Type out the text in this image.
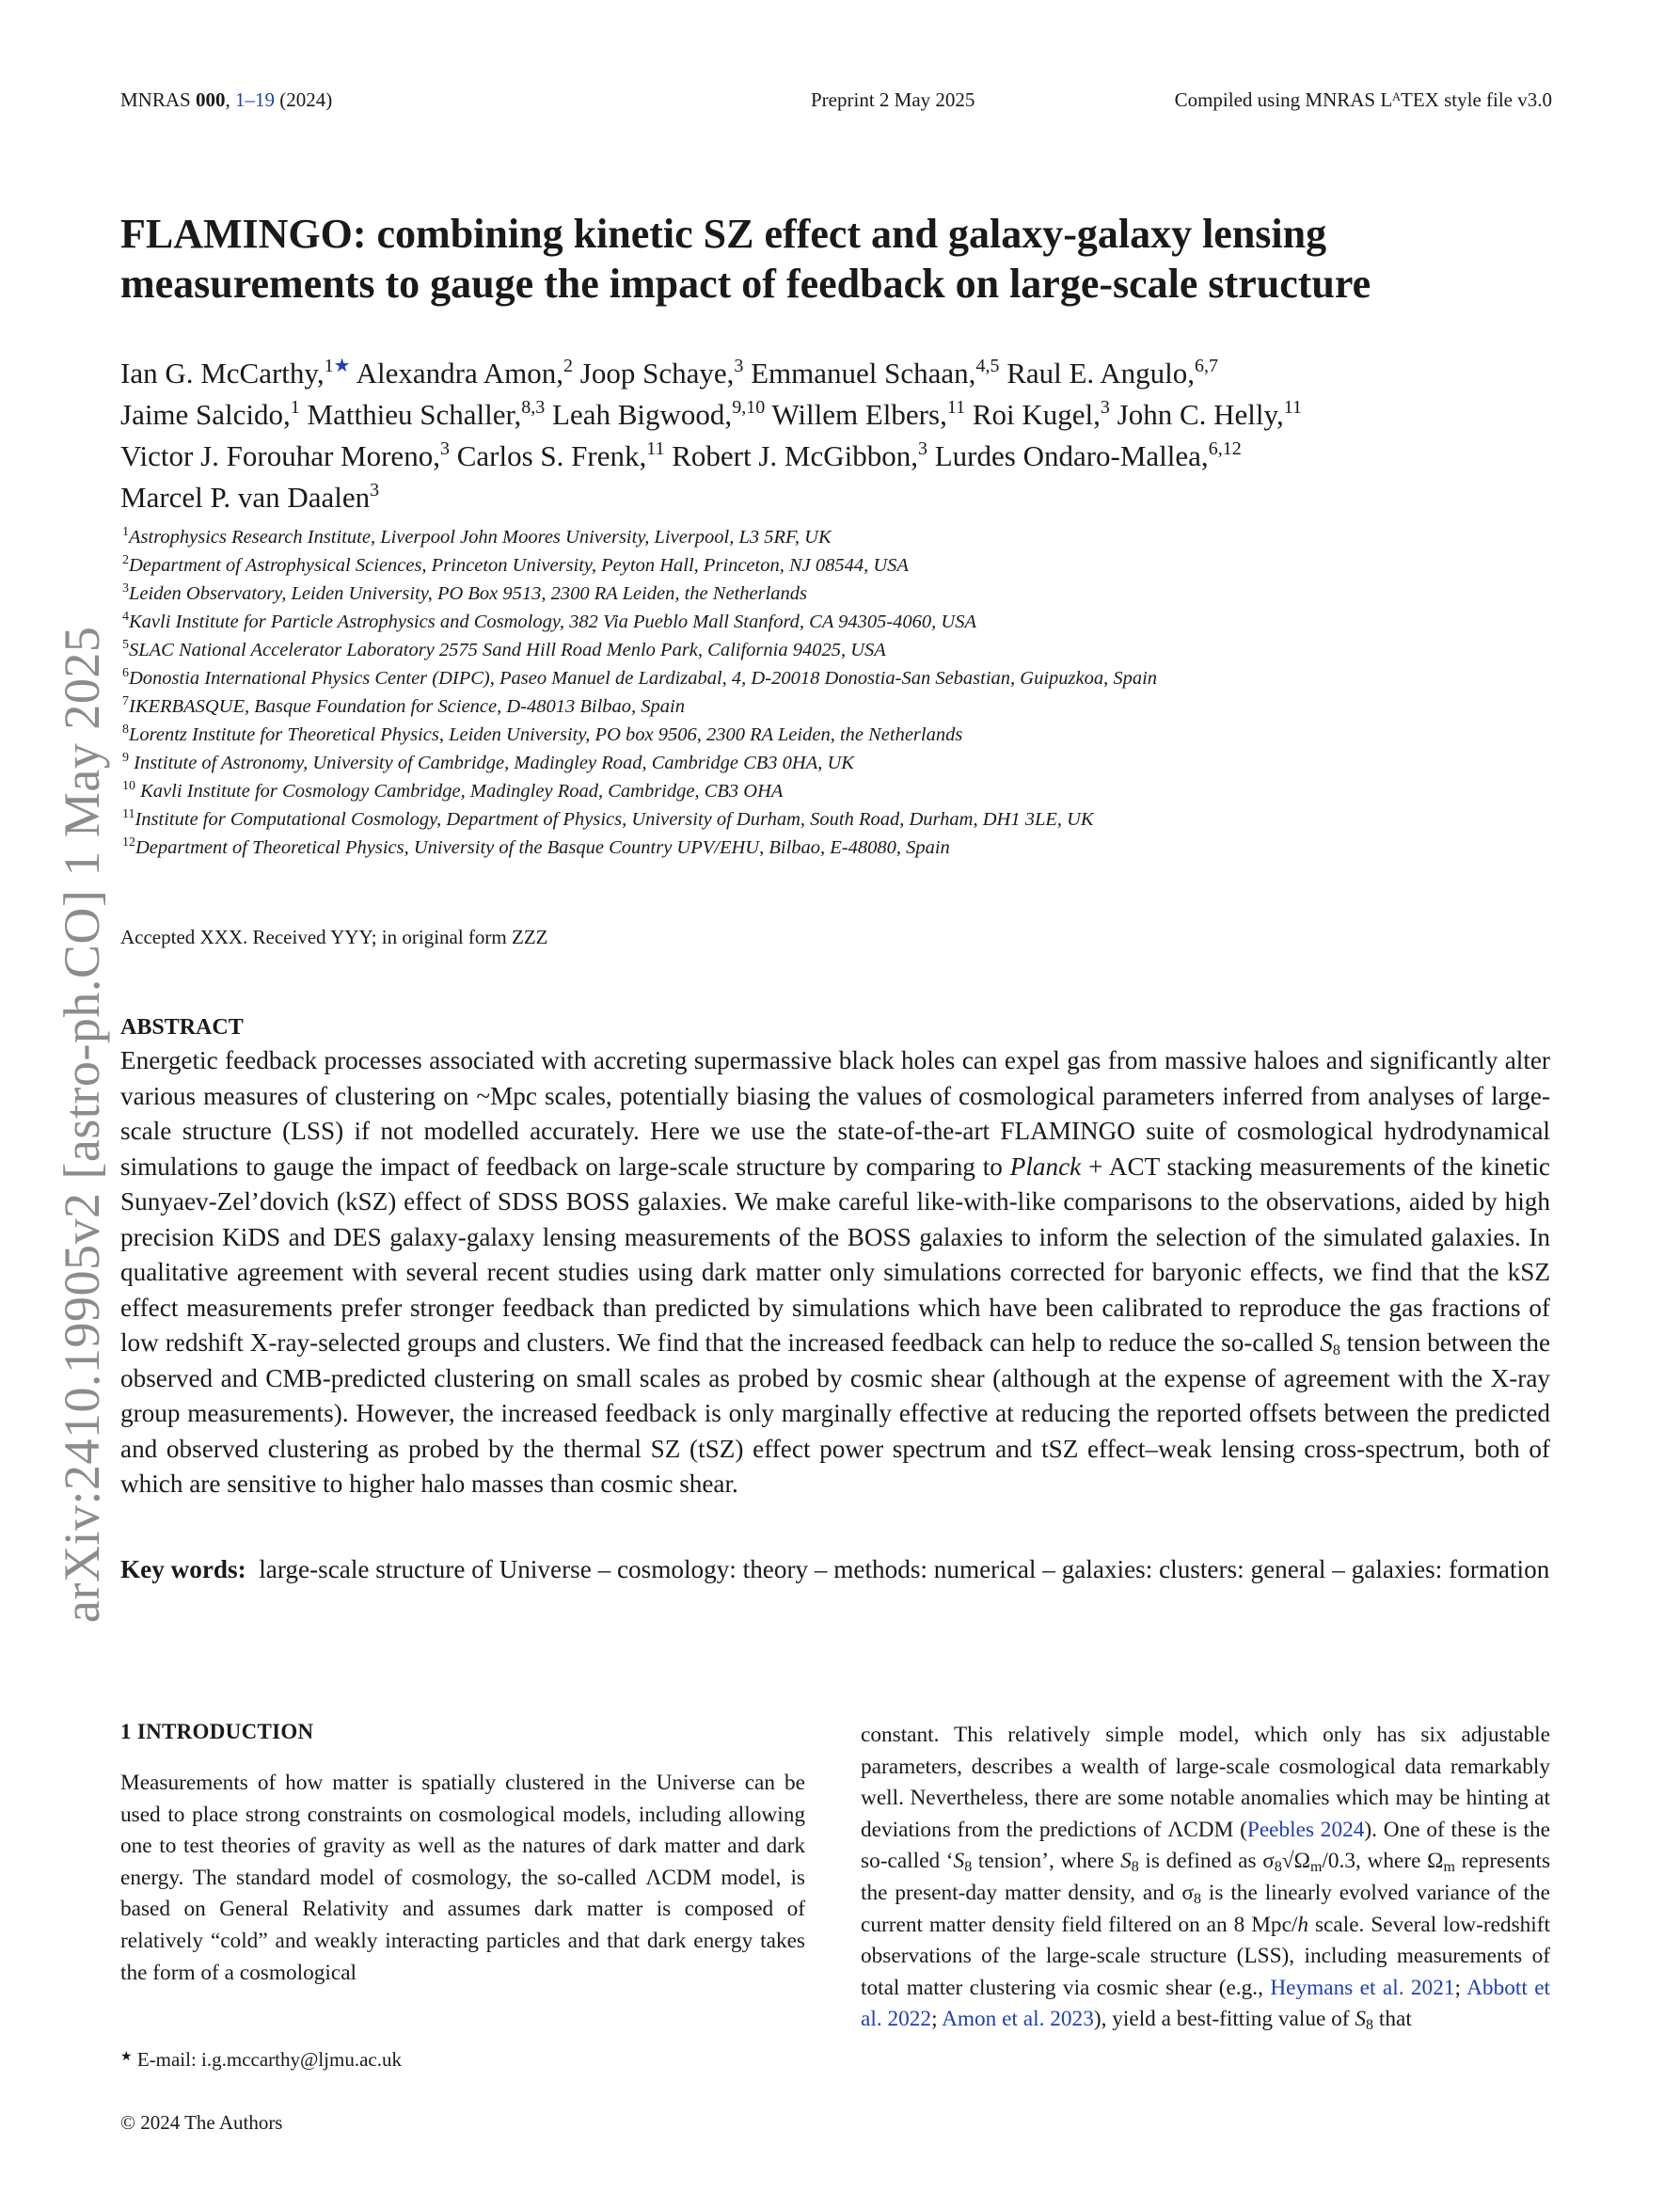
MNRAS 000, 1–19 (2024)	Preprint 2 May 2025	Compiled using MNRAS LᴬTEX style file v3.0
arXiv:2410.19905v2 [astro-ph.CO] 1 May 2025
FLAMINGO: combining kinetic SZ effect and galaxy-galaxy lensing measurements to gauge the impact of feedback on large-scale structure
Ian G. McCarthy,$^{1★}$ Alexandra Amon,$^2$ Joop Schaye,$^3$ Emmanuel Schaan,$^{4,5}$ Raul E. Angulo,$^{6,7}$
Jaime Salcido,$^1$ Matthieu Schaller,$^{8,3}$ Leah Bigwood,$^{9,10}$ Willem Elbers,$^{11}$ Roi Kugel,$^3$ John C. Helly,$^{11}$
Victor J. Forouhar Moreno,$^3$ Carlos S. Frenk,$^{11}$ Robert J. McGibbon,$^3$ Lurdes Ondaro-Mallea,$^{6,12}$
Marcel P. van Daalen$^3$
$^1$Astrophysics Research Institute, Liverpool John Moores University, Liverpool, L3 5RF, UK
$^2$Department of Astrophysical Sciences, Princeton University, Peyton Hall, Princeton, NJ 08544, USA
$^3$Leiden Observatory, Leiden University, PO Box 9513, 2300 RA Leiden, the Netherlands
$^4$Kavli Institute for Particle Astrophysics and Cosmology, 382 Via Pueblo Mall Stanford, CA 94305-4060, USA
$^5$SLAC National Accelerator Laboratory 2575 Sand Hill Road Menlo Park, California 94025, USA
$^6$Donostia International Physics Center (DIPC), Paseo Manuel de Lardizabal, 4, D-20018 Donostia-San Sebastian, Guipuzkoa, Spain
$^7$IKERBASQUE, Basque Foundation for Science, D-48013 Bilbao, Spain
$^8$Lorentz Institute for Theoretical Physics, Leiden University, PO box 9506, 2300 RA Leiden, the Netherlands
$^9$ Institute of Astronomy, University of Cambridge, Madingley Road, Cambridge CB3 0HA, UK
$^{10}$ Kavli Institute for Cosmology Cambridge, Madingley Road, Cambridge, CB3 OHA
$^{11}$Institute for Computational Cosmology, Department of Physics, University of Durham, South Road, Durham, DH1 3LE, UK
$^{12}$Department of Theoretical Physics, University of the Basque Country UPV/EHU, Bilbao, E-48080, Spain
Accepted XXX. Received YYY; in original form ZZZ
ABSTRACT
Energetic feedback processes associated with accreting supermassive black holes can expel gas from massive haloes and significantly alter various measures of clustering on ~Mpc scales, potentially biasing the values of cosmological parameters inferred from analyses of large-scale structure (LSS) if not modelled accurately. Here we use the state-of-the-art FLAMINGO suite of cosmological hydrodynamical simulations to gauge the impact of feedback on large-scale structure by comparing to Planck + ACT stacking measurements of the kinetic Sunyaev-Zel’dovich (kSZ) effect of SDSS BOSS galaxies. We make careful like-with-like comparisons to the observations, aided by high precision KiDS and DES galaxy-galaxy lensing measurements of the BOSS galaxies to inform the selection of the simulated galaxies. In qualitative agreement with several recent studies using dark matter only simulations corrected for baryonic effects, we find that the kSZ effect measurements prefer stronger feedback than predicted by simulations which have been calibrated to reproduce the gas fractions of low redshift X-ray-selected groups and clusters. We find that the increased feedback can help to reduce the so-called $S_8$ tension between the observed and CMB-predicted clustering on small scales as probed by cosmic shear (although at the expense of agreement with the X-ray group measurements). However, the increased feedback is only marginally effective at reducing the reported offsets between the predicted and observed clustering as probed by the thermal SZ (tSZ) effect power spectrum and tSZ effect–weak lensing cross-spectrum, both of which are sensitive to higher halo masses than cosmic shear.
Key words: large-scale structure of Universe – cosmology: theory – methods: numerical – galaxies: clusters: general – galaxies: formation
1 INTRODUCTION
Measurements of how matter is spatially clustered in the Universe can be used to place strong constraints on cosmological models, including allowing one to test theories of gravity as well as the natures of dark matter and dark energy. The standard model of cosmology, the so-called ΛCDM model, is based on General Relativity and assumes dark matter is composed of relatively “cold” and weakly interacting particles and that dark energy takes the form of a cosmological
constant. This relatively simple model, which only has six adjustable parameters, describes a wealth of large-scale cosmological data remarkably well. Nevertheless, there are some notable anomalies which may be hinting at deviations from the predictions of ΛCDM (Peebles 2024). One of these is the so-called ‘$S_8$ tension’, where $S_8$ is defined as $\sigma_8√\Omega_m/0.3$, where $\Omega_m$ represents the present-day matter density, and $\sigma_8$ is the linearly evolved variance of the current matter density field filtered on an 8 Mpc/h scale. Several low-redshift observations of the large-scale structure (LSS), including measurements of total matter clustering via cosmic shear (e.g., Heymans et al. 2021; Abbott et al. 2022; Amon et al. 2023), yield a best-fitting value of $S_8$ that
★ E-mail: i.g.mccarthy@ljmu.ac.uk
© 2024 The Authors
